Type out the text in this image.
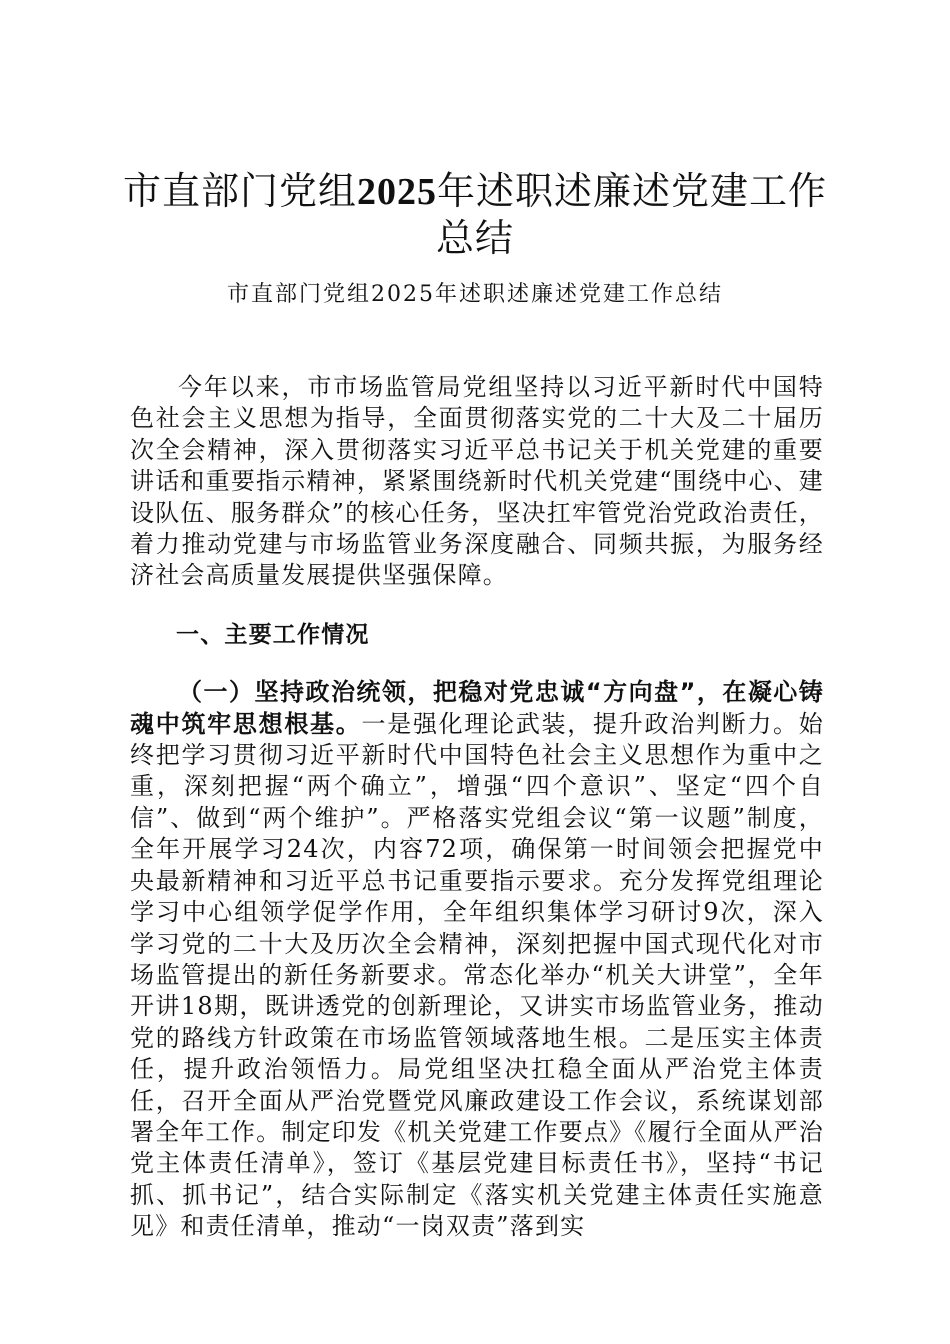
市直部门党组2025年述职述廉述党建工作总结

市直部门党组2025年述职述廉述党建工作总结

今年以来，市市场监管局党组坚持以习近平新时代中国特色社会主义思想为指导，全面贯彻落实党的二十大及二十届历次全会精神，深入贯彻落实习近平总书记关于机关党建的重要讲话和重要指示精神，紧紧围绕新时代机关党建“围绕中心、建设队伍、服务群众”的核心任务，坚决扛牢管党治党政治责任，着力推动党建与市场监管业务深度融合、同频共振，为服务经济社会高质量发展提供坚强保障。

一、主要工作情况

（一）坚持政治统领，把稳对党忠诚“方向盘”，在凝心铸魂中筑牢思想根基。一是强化理论武装，提升政治判断力。始终把学习贯彻习近平新时代中国特色社会主义思想作为重中之重，深刻把握“两个确立”，增强“四个意识”、坚定“四个自信”、做到“两个维护”。严格落实党组会议“第一议题”制度，全年开展学习24次，内容72项，确保第一时间领会把握党中央最新精神和习近平总书记重要指示要求。充分发挥党组理论学习中心组领学促学作用，全年组织集体学习研讨9次，深入学习党的二十大及历次全会精神，深刻把握中国式现代化对市场监管提出的新任务新要求。常态化举办“机关大讲堂”，全年开讲18期，既讲透党的创新理论，又讲实市场监管业务，推动党的路线方针政策在市场监管领域落地生根。二是压实主体责任，提升政治领悟力。局党组坚决扛稳全面从严治党主体责任，召开全面从严治党暨党风廉政建设工作会议，系统谋划部署全年工作。制定印发《机关党建工作要点》《履行全面从严治党主体责任清单》，签订《基层党建目标责任书》，坚持“书记抓、抓书记”，结合实际制定《落实机关党建主体责任实施意见》和责任清单，推动“一岗双责”落到实
